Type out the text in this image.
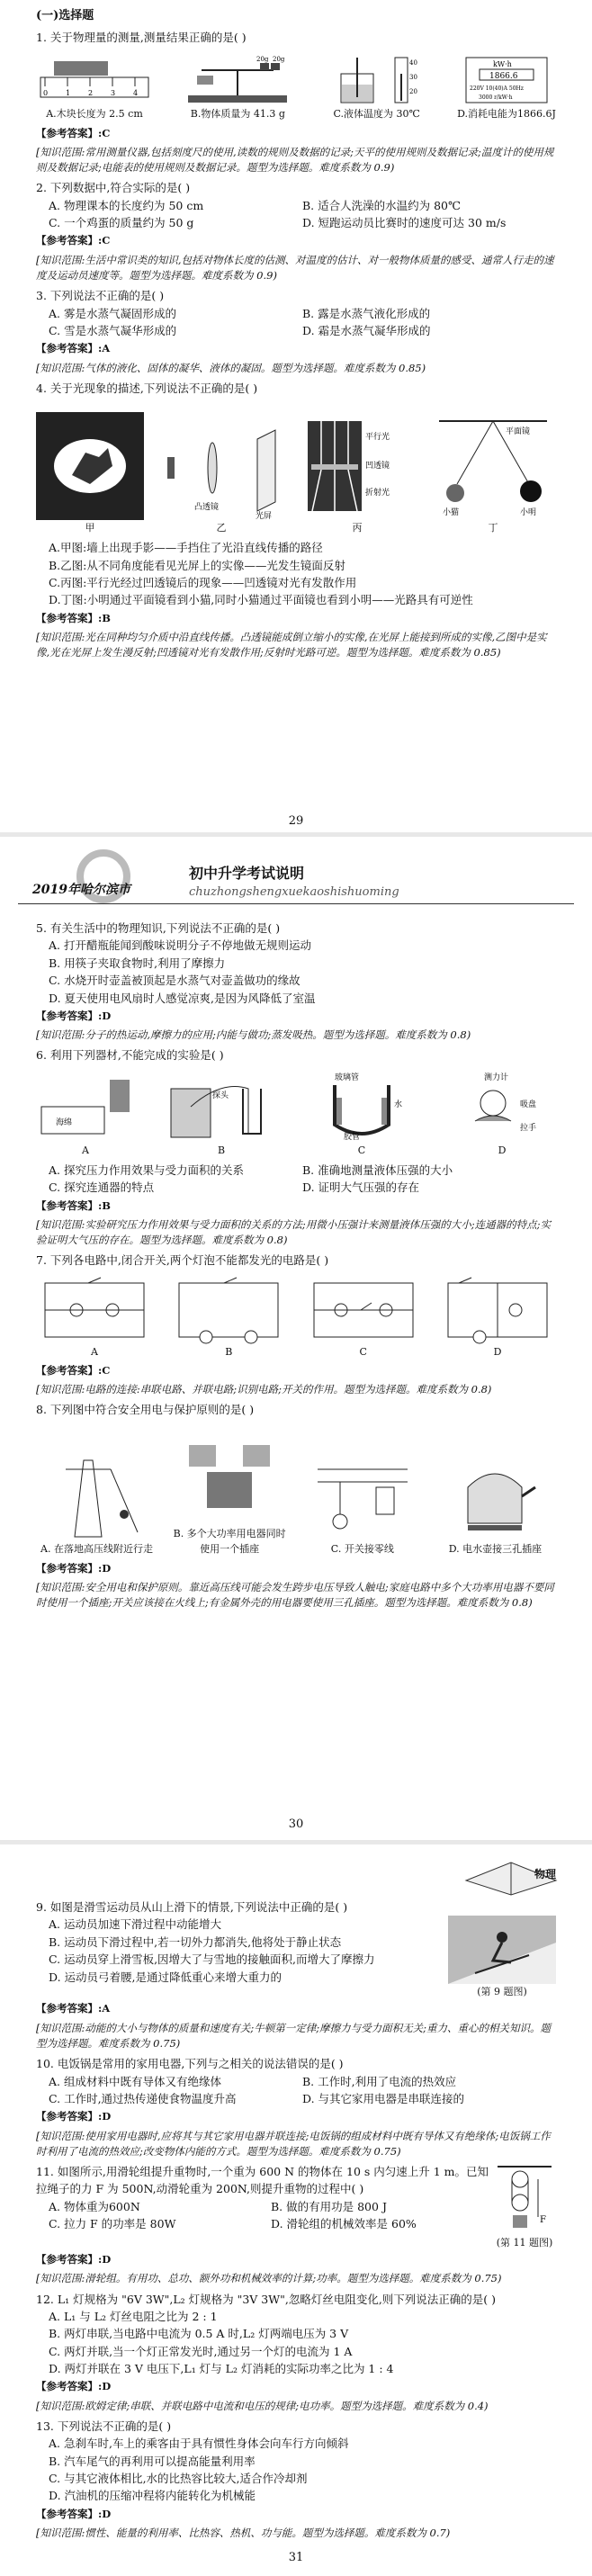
(一)选择题

1. 关于物理量的测量,测量结果正确的是( )

0 1 2 3 4
A.木块长度为 2.5 cm
20g 20g
B.物体质量为 41.3 g
40
30
20
C.液体温度为 30℃
kW·h
1866.6
220V 10(40)A 50Hz
3000 r/kW·h
D.消耗电能为1866.6J

【参考答案】:C

[知识范围:常用测量仪器,包括刻度尺的使用,读数的规则及数据的记录;天平的使用规则及数据记录;温度计的使用规则及数据记录;电能表的使用规则及数据记录。题型为选择题。难度系数为 0.9)

2. 下列数据中,符合实际的是( )

A. 物理课本的长度约为 50 cm	B. 适合人洗澡的水温约为 80℃
C. 一个鸡蛋的质量约为 50 g	D. 短跑运动员比赛时的速度可达 30 m/s

【参考答案】:C

[知识范围:生活中常识类的知识,包括对物体长度的估测、对温度的估计、对一般物体质量的感受、通常人行走的速度及运动员速度等。题型为选择题。难度系数为 0.9)

3. 下列说法不正确的是( )

A. 雾是水蒸气凝固形成的	B. 露是水蒸气液化形成的
C. 雪是水蒸气凝华形成的	D. 霜是水蒸气凝华形成的

【参考答案】:A

[知识范围:气体的液化、固体的凝华、液体的凝固。题型为选择题。难度系数为 0.85)

4. 关于光现象的描述,下列说法不正确的是( )

甲
凸透镜
光屏
乙
平行光
凹透镜
折射光
丙
平面镜
小猫	小明
丁

A.甲图:墙上出现手影——手挡住了光沿直线传播的路径

B.乙图:从不同角度能看见光屏上的实像——光发生镜面反射

C.丙图:平行光经过凹透镜后的现象——凹透镜对光有发散作用

D.丁图:小明通过平面镜看到小猫,同时小猫通过平面镜也看到小明——光路具有可逆性

【参考答案】:B

[知识范围:光在同种均匀介质中沿直线传播。凸透镜能成倒立缩小的实像,在光屏上能接到所成的实像,乙图中是实像,光在光屏上发生漫反射;凹透镜对光有发散作用;反射时光路可逆。题型为选择题。难度系数为 0.85)

29
2019年哈尔滨市
初中升学考试说明
chuzhongshengxuekaoshishuoming

5. 有关生活中的物理知识,下列说法不正确的是( )

A. 打开醋瓶能闻到酸味说明分子不停地做无规则运动

B. 用筷子夹取食物时,利用了摩擦力

C. 水烧开时壶盖被顶起是水蒸气对壶盖做功的缘故

D. 夏天使用电风扇时人感觉凉爽,是因为风降低了室温

【参考答案】:D

[知识范围:分子的热运动,摩擦力的应用;内能与做功;蒸发吸热。题型为选择题。难度系数为 0.8)

6. 利用下列器材,不能完成的实验是( )

海绵
A
探头
B
玻璃管
胶管
水
C
测力计
吸盘
拉手
D
A. 探究压力作用效果与受力面积的关系	B. 准确地测量液体压强的大小
C. 探究连通器的特点	D. 证明大气压强的存在

【参考答案】:B

[知识范围:实验研究压力作用效果与受力面积的关系的方法;用微小压强计来测量液体压强的大小;连通器的特点;实验证明大气压的存在。题型为选择题。难度系数为 0.8)

7. 下列各电路中,闭合开关,两个灯泡不能都发光的电路是( )

A	B	C	D

【参考答案】:C

[知识范围:电路的连接:串联电路、并联电路;识别电路;开关的作用。题型为选择题。难度系数为 0.8)

8. 下列图中符合安全用电与保护原则的是( )

A. 在落地高压线附近行走
B. 多个大功率用电器同时使用一个插座	C. 开关接零线	D. 电水壶接三孔插座

【参考答案】:D

[知识范围:安全用电和保护原则。靠近高压线可能会发生跨步电压导致人触电;家庭电路中多个大功率用电器不要同时使用一个插座;开关应该接在火线上;有金属外壳的用电器要使用三孔插座。题型为选择题。难度系数为 0.8)

30
物理

9. 如图是滑雪运动员从山上滑下的情景,下列说法中正确的是( )

A. 运动员加速下滑过程中动能增大

B. 运动员下滑过程中,若一切外力都消失,他将处于静止状态

C. 运动员穿上滑雪板,因增大了与雪地的接触面积,而增大了摩擦力

D. 运动员弓着腰,是通过降低重心来增大重力的

(第 9 题图)

【参考答案】:A

[知识范围:动能的大小与物体的质量和速度有关;牛顿第一定律;摩擦力与受力面积无关;重力、重心的相关知识。题型为选择题。难度系数为 0.75)

10. 电饭锅是常用的家用电器,下列与之相关的说法错误的是( )

A. 组成材料中既有导体又有绝缘体	B. 工作时,利用了电流的热效应
C. 工作时,通过热传递使食物温度升高	D. 与其它家用电器是串联连接的

【参考答案】:D

[知识范围:使用家用电器时,应将其与其它家用电器并联连接;电饭锅的组成材料中既有导体又有绝缘体;电饭锅工作时利用了电流的热效应;改变物体内能的方式。题型为选择题。难度系数为 0.75)

11. 如图所示,用滑轮组提升重物时,一个重为 600 N 的物体在 10 s 内匀速上升 1 m。已知拉绳子的力 F 为 500N,动滑轮重为 200N,则提升重物的过程中( )

A. 物体重为600N	B. 做的有用功是 800 J
C. 拉力 F 的功率是 80W	D. 滑轮组的机械效率是 60%	F
(第 11 题图)

【参考答案】:D

[知识范围:滑轮组。有用功、总功、额外功和机械效率的计算;功率。题型为选择题。难度系数为 0.75)

12. L₁ 灯规格为 "6V 3W",L₂ 灯规格为 "3V 3W",忽略灯丝电阻变化,则下列说法正确的是( )

A. L₁ 与 L₂ 灯丝电阻之比为 2 : 1

B. 两灯串联,当电路中电流为 0.5 A 时,L₂ 灯两端电压为 3 V

C. 两灯并联,当一个灯正常发光时,通过另一个灯的电流为 1 A

D. 两灯并联在 3 V 电压下,L₁ 灯与 L₂ 灯消耗的实际功率之比为 1 : 4

【参考答案】:D

[知识范围:欧姆定律;串联、并联电路中电流和电压的规律;电功率。题型为选择题。难度系数为 0.4)

13. 下列说法不正确的是( )

A. 急刹车时,车上的乘客由于具有惯性身体会向车行方向倾斜

B. 汽车尾气的再利用可以提高能量利用率

C. 与其它液体相比,水的比热容比较大,适合作冷却剂

D. 汽油机的压缩冲程将内能转化为机械能

【参考答案】:D

[知识范围:惯性、能量的利用率、比热容、热机、功与能。题型为选择题。难度系数为 0.7)

31
